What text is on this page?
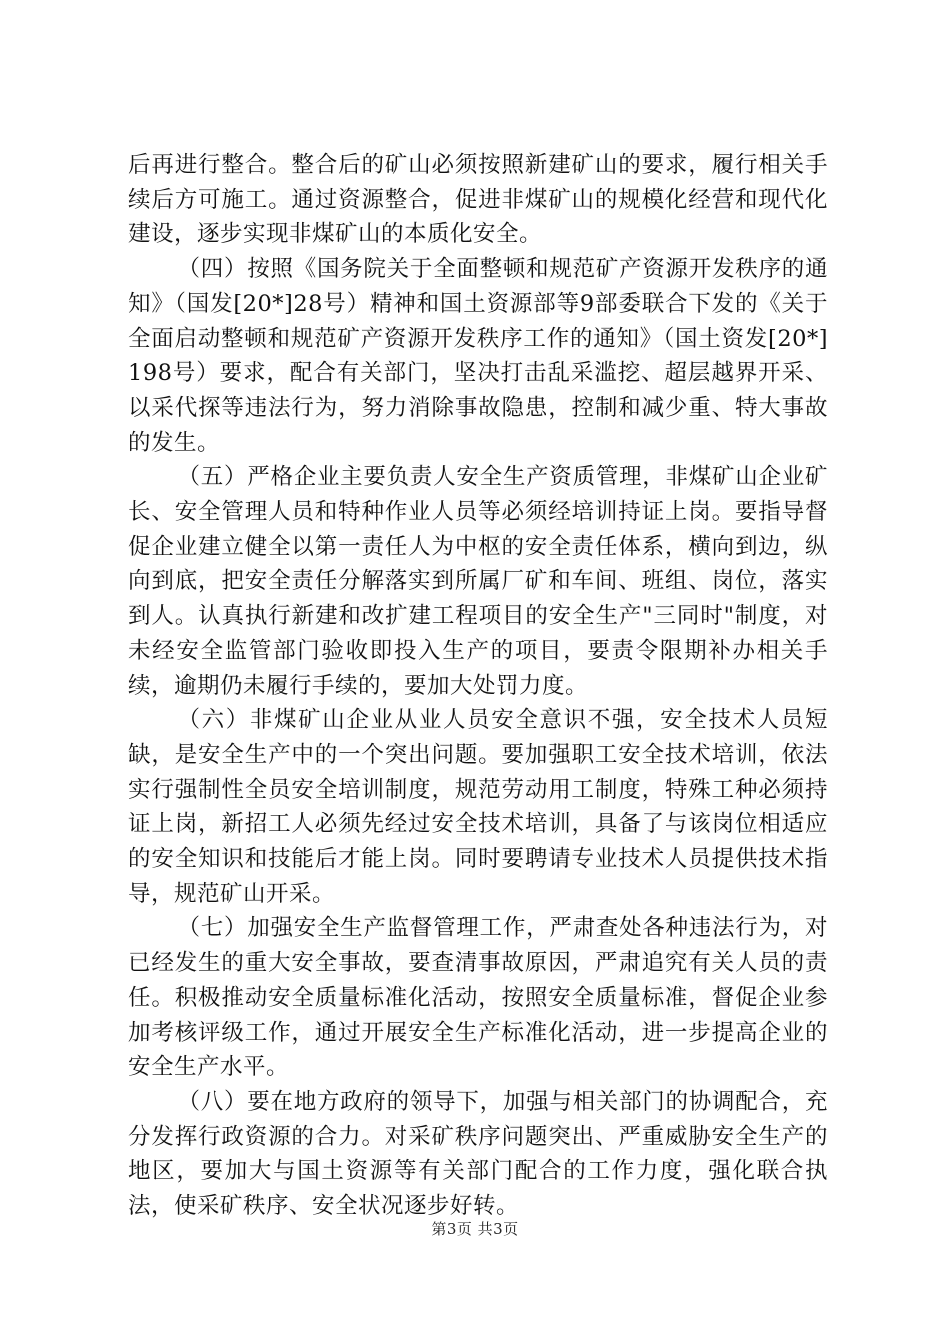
后再进行整合。整合后的矿山必须按照新建矿山的要求，履行相关手续后方可施工。通过资源整合，促进非煤矿山的规模化经营和现代化建设，逐步实现非煤矿山的本质化安全。

（四）按照《国务院关于全面整顿和规范矿产资源开发秩序的通知》（国发[20*]28号）精神和国土资源部等9部委联合下发的《关于全面启动整顿和规范矿产资源开发秩序工作的通知》（国土资发[20*]198号）要求，配合有关部门，坚决打击乱采滥挖、超层越界开采、以采代探等违法行为，努力消除事故隐患，控制和减少重、特大事故的发生。

（五）严格企业主要负责人安全生产资质管理，非煤矿山企业矿长、安全管理人员和特种作业人员等必须经培训持证上岗。要指导督促企业建立健全以第一责任人为中枢的安全责任体系，横向到边，纵向到底，把安全责任分解落实到所属厂矿和车间、班组、岗位，落实到人。认真执行新建和改扩建工程项目的安全生产"三同时"制度，对未经安全监管部门验收即投入生产的项目，要责令限期补办相关手续，逾期仍未履行手续的，要加大处罚力度。

（六）非煤矿山企业从业人员安全意识不强，安全技术人员短缺，是安全生产中的一个突出问题。要加强职工安全技术培训，依法实行强制性全员安全培训制度，规范劳动用工制度，特殊工种必须持证上岗，新招工人必须先经过安全技术培训，具备了与该岗位相适应的安全知识和技能后才能上岗。同时要聘请专业技术人员提供技术指导，规范矿山开采。

（七）加强安全生产监督管理工作，严肃查处各种违法行为，对已经发生的重大安全事故，要查清事故原因，严肃追究有关人员的责任。积极推动安全质量标准化活动，按照安全质量标准，督促企业参加考核评级工作，通过开展安全生产标准化活动，进一步提高企业的安全生产水平。

（八）要在地方政府的领导下，加强与相关部门的协调配合，充分发挥行政资源的合力。对采矿秩序问题突出、严重威胁安全生产的地区，要加大与国土资源等有关部门配合的工作力度，强化联合执法，使采矿秩序、安全状况逐步好转。

第3页 共3页
